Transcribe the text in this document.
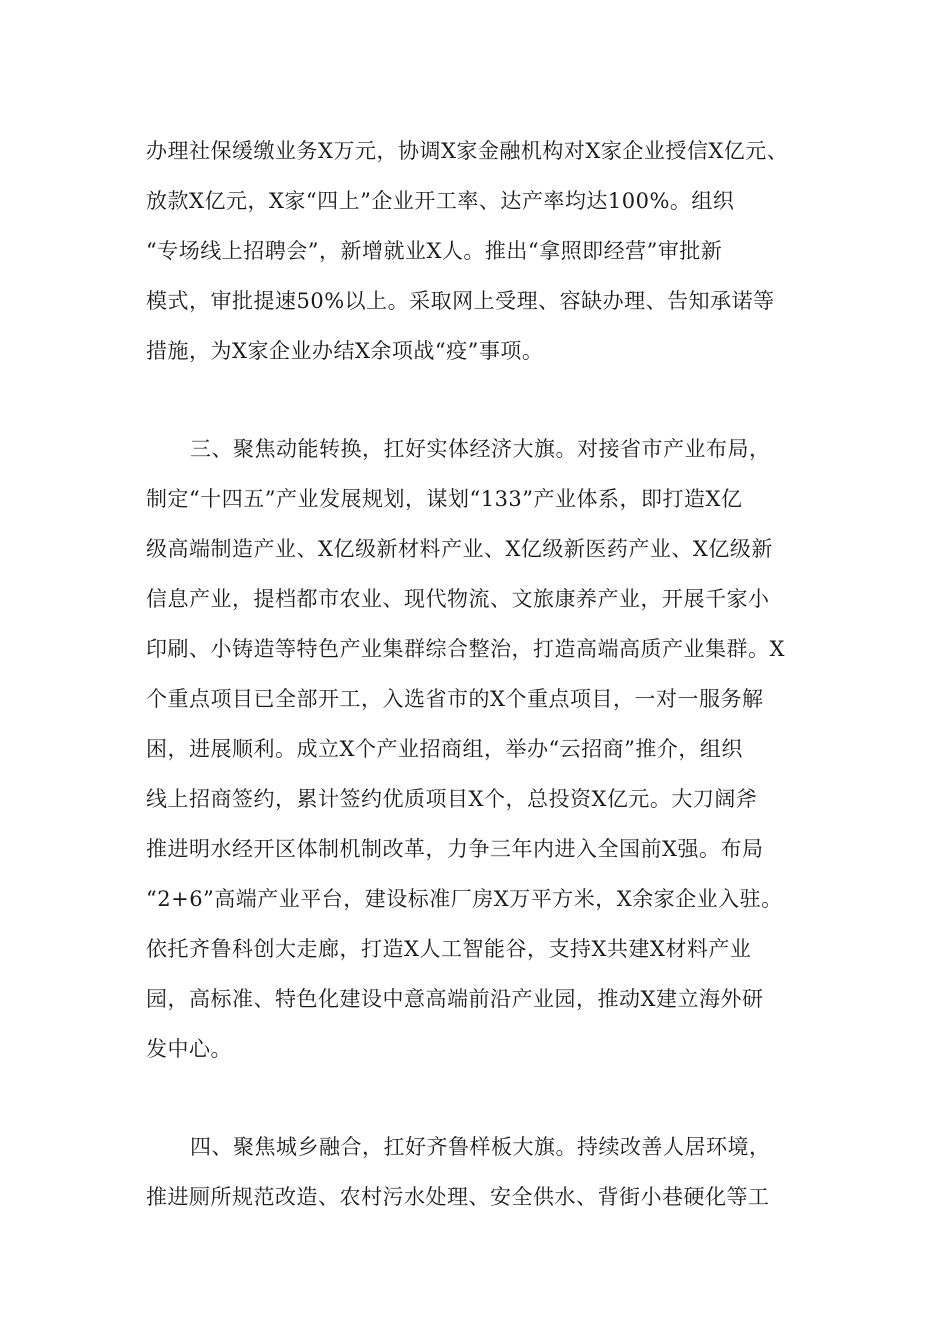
办理社保缓缴业务X万元，协调X家金融机构对X家企业授信X亿元、
放款X亿元，X家“四上”企业开工率、达产率均达100%。组织
“专场线上招聘会”，新增就业X人。推出“拿照即经营”审批新
模式，审批提速50%以上。采取网上受理、容缺办理、告知承诺等
措施，为X家企业办结X余项战“疫”事项。
三、聚焦动能转换，扛好实体经济大旗。对接省市产业布局，
制定“十四五”产业发展规划，谋划“133”产业体系，即打造X亿
级高端制造产业、X亿级新材料产业、X亿级新医药产业、X亿级新
信息产业，提档都市农业、现代物流、文旅康养产业，开展千家小
印刷、小铸造等特色产业集群综合整治，打造高端高质产业集群。X
个重点项目已全部开工，入选省市的X个重点项目，一对一服务解
困，进展顺利。成立X个产业招商组，举办“云招商”推介，组织
线上招商签约，累计签约优质项目X个，总投资X亿元。大刀阔斧
推进明水经开区体制机制改革，力争三年内进入全国前X强。布局
“2+6”高端产业平台，建设标准厂房X万平方米，X余家企业入驻。
依托齐鲁科创大走廊，打造X人工智能谷，支持X共建X材料产业
园，高标准、特色化建设中意高端前沿产业园，推动X建立海外研
发中心。
四、聚焦城乡融合，扛好齐鲁样板大旗。持续改善人居环境，
推进厕所规范改造、农村污水处理、安全供水、背街小巷硬化等工
